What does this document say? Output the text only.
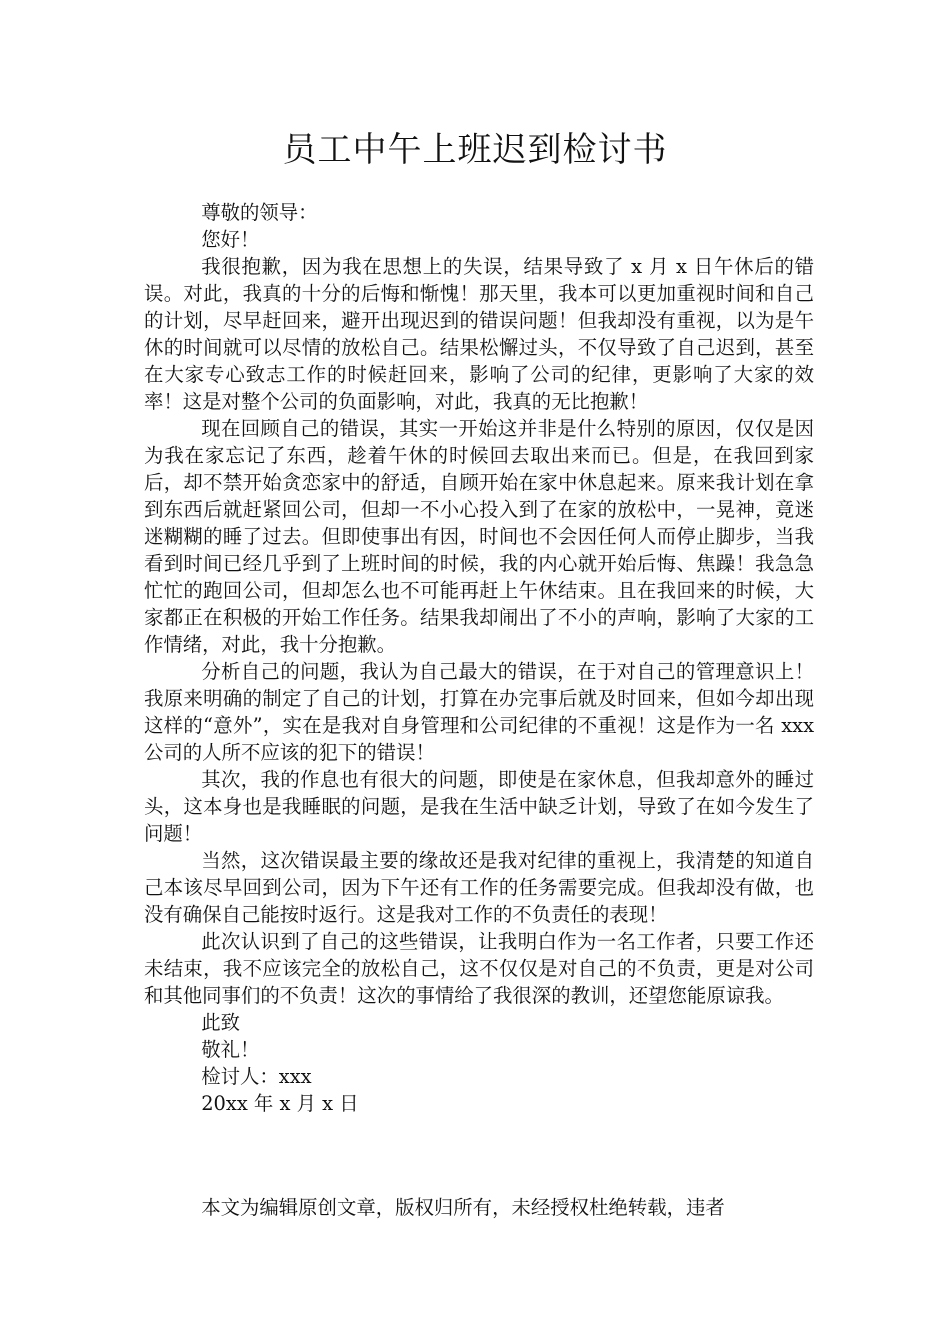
员工中午上班迟到检讨书

尊敬的领导：

您好！

我很抱歉，因为我在思想上的失误，结果导致了 x 月 x 日午休后的错误。对此，我真的十分的后悔和惭愧！那天里，我本可以更加重视时间和自己的计划，尽早赶回来，避开出现迟到的错误问题！但我却没有重视，以为是午休的时间就可以尽情的放松自己。结果松懈过头，不仅导致了自己迟到，甚至在大家专心致志工作的时候赶回来，影响了公司的纪律，更影响了大家的效率！这是对整个公司的负面影响，对此，我真的无比抱歉！

现在回顾自己的错误，其实一开始这并非是什么特别的原因，仅仅是因为我在家忘记了东西，趁着午休的时候回去取出来而已。但是，在我回到家后，却不禁开始贪恋家中的舒适，自顾开始在家中休息起来。原来我计划在拿到东西后就赶紧回公司，但却一不小心投入到了在家的放松中，一晃神，竟迷迷糊糊的睡了过去。但即使事出有因，时间也不会因任何人而停止脚步，当我看到时间已经几乎到了上班时间的时候，我的内心就开始后悔、焦躁！我急急忙忙的跑回公司，但却怎么也不可能再赶上午休结束。且在我回来的时候，大家都正在积极的开始工作任务。结果我却闹出了不小的声响，影响了大家的工作情绪，对此，我十分抱歉。

分析自己的问题，我认为自己最大的错误，在于对自己的管理意识上！我原来明确的制定了自己的计划，打算在办完事后就及时回来，但如今却出现这样的“意外”，实在是我对自身管理和公司纪律的不重视！这是作为一名 xxx 公司的人所不应该的犯下的错误！

其次，我的作息也有很大的问题，即使是在家休息，但我却意外的睡过头，这本身也是我睡眠的问题，是我在生活中缺乏计划，导致了在如今发生了问题！

当然，这次错误最主要的缘故还是我对纪律的重视上，我清楚的知道自己本该尽早回到公司，因为下午还有工作的任务需要完成。但我却没有做，也没有确保自己能按时返行。这是我对工作的不负责任的表现！

此次认识到了自己的这些错误，让我明白作为一名工作者，只要工作还未结束，我不应该完全的放松自己，这不仅仅是对自己的不负责，更是对公司和其他同事们的不负责！这次的事情给了我很深的教训，还望您能原谅我。

此致

敬礼！

检讨人：xxx

20xx 年 x 月 x 日

本文为编辑原创文章，版权归所有，未经授权杜绝转载，违者
